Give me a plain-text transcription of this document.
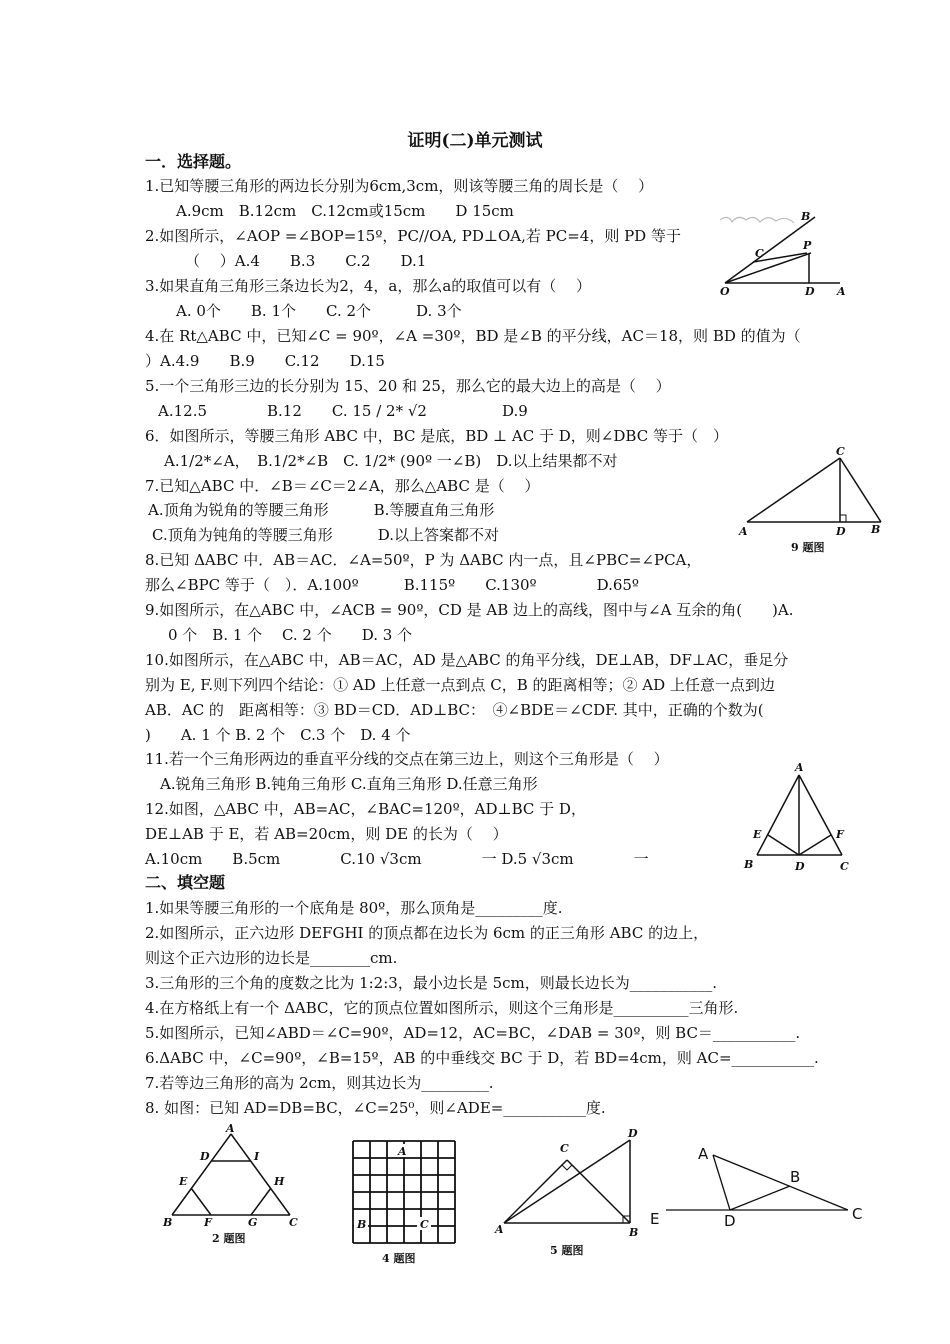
证明(二)单元测试
一．选择题。
1.已知等腰三角形的两边长分别为6cm,3cm，则该等腰三角的周长是（　 ）
A.9cm　B.12cm　C.12cm或15cm　　D 15cm
2.如图所示，∠AOP =∠BOP=15º，PC//OA, PD⊥OA,若 PC=4，则 PD 等于
（　 ）A.4　　B.3　　C.2　　D.1
3.如果直角三角形三条边长为2，4，a，那么a的取值可以有（　 ）
A. 0个　　B. 1个　　C. 2个　　　D. 3个
4.在 Rt△ABC 中，已知∠C = 90º，∠A =30º，BD 是∠B 的平分线，AC＝18，则 BD 的值为（
）A.4.9　　B.9　　C.12　　D.15
5.一个三角形三边的长分别为 15、20 和 25，那么它的最大边上的高是（　 ）
A.12.5　　　　B.12　　C. 15 / 2* √2　　　　　D.9
6．如图所示，等腰三角形 ABC 中，BC 是底，BD ⊥ AC 于 D，则∠DBC 等于（　）
A.1/2*∠A，　B.1/2*∠B　C. 1/2* (90º 一∠B)　D.以上结果都不对
7.已知△ABC 中．∠B＝∠C＝2∠A，那么△ABC 是（　 ）
A.顶角为锐角的等腰三角形　　　B.等腰直角三角形
C.顶角为钝角的等腰三角形　　　D.以上答案都不对
8.已知 ΔABC 中．AB＝AC．∠A=50º，P 为 ΔABC 内一点，且∠PBC=∠PCA，
那么∠BPC 等于（　）．A.100º　　　B.115º　　C.130º　　　　D.65º
9.如图所示，在△ABC 中，∠ACB = 90º，CD 是 AB 边上的高线，图中与∠A 互余的角(　　)A.
0 个　B. 1 个　 C. 2 个　　D. 3 个
10.如图所示，在△ABC 中，AB＝AC，AD 是△ABC 的角平分线，DE⊥AB，DF⊥AC，垂足分
别为 E, F.则下列四个结论：① AD 上任意一点到点 C，B 的距离相等；② AD 上任意一点到边
AB．AC 的　距离相等：③ BD＝CD．AD⊥BC：　④∠BDE＝∠CDF. 其中，正确的个数为(
)　　A. 1 个 B. 2 个　C.3 个　D. 4 个
11.若一个三角形两边的垂直平分线的交点在第三边上，则这个三角形是（　 ）
A.锐角三角形 B.钝角三角形 C.直角三角形 D.任意三角形
12.如图，△ABC 中，AB=AC，∠BAC=120º，AD⊥BC 于 D，
DE⊥AB 于 E，若 AB=20cm，则 DE 的长为（　 ）
A.10cm　　B.5cm　　　　C.10 √3cm　　　　一 D.5 √3cm　　　　一
二、填空题
1.如果等腰三角形的一个底角是 80º，那么顶角是_________度.
2.如图所示，正六边形 DEFGHI 的顶点都在边长为 6cm 的正三角形 ABC 的边上，
则这个正六边形的边长是________cm.
3.三角形的三个角的度数之比为 1:2:3，最小边长是 5cm，则最长边长为___________.
4.在方格纸上有一个 ΔABC，它的顶点位置如图所示，则这个三角形是__________三角形.
5.如图所示，已知∠ABD＝∠C=90º，AD=12，AC=BC，∠DAB = 30º，则 BC＝___________.
6.ΔABC 中，∠C=90º，∠B=15º，AB 的中垂线交 BC 于 D，若 BD=4cm，则 AC=___________.
7.若等边三角形的高为 2cm，则其边长为_________.
8. 如图：已知 AD=DB=BC，∠C=25⁰，则∠ADE=___________度.
B
P
C
O	D A
C
A	D B
9 题图
A
E	F
B	D	C
A
D	I
E	H
B	F	G	C
2 题图
A
B	C
4 题图
C
D
A	B
5 题图
A
B
E	D	C
